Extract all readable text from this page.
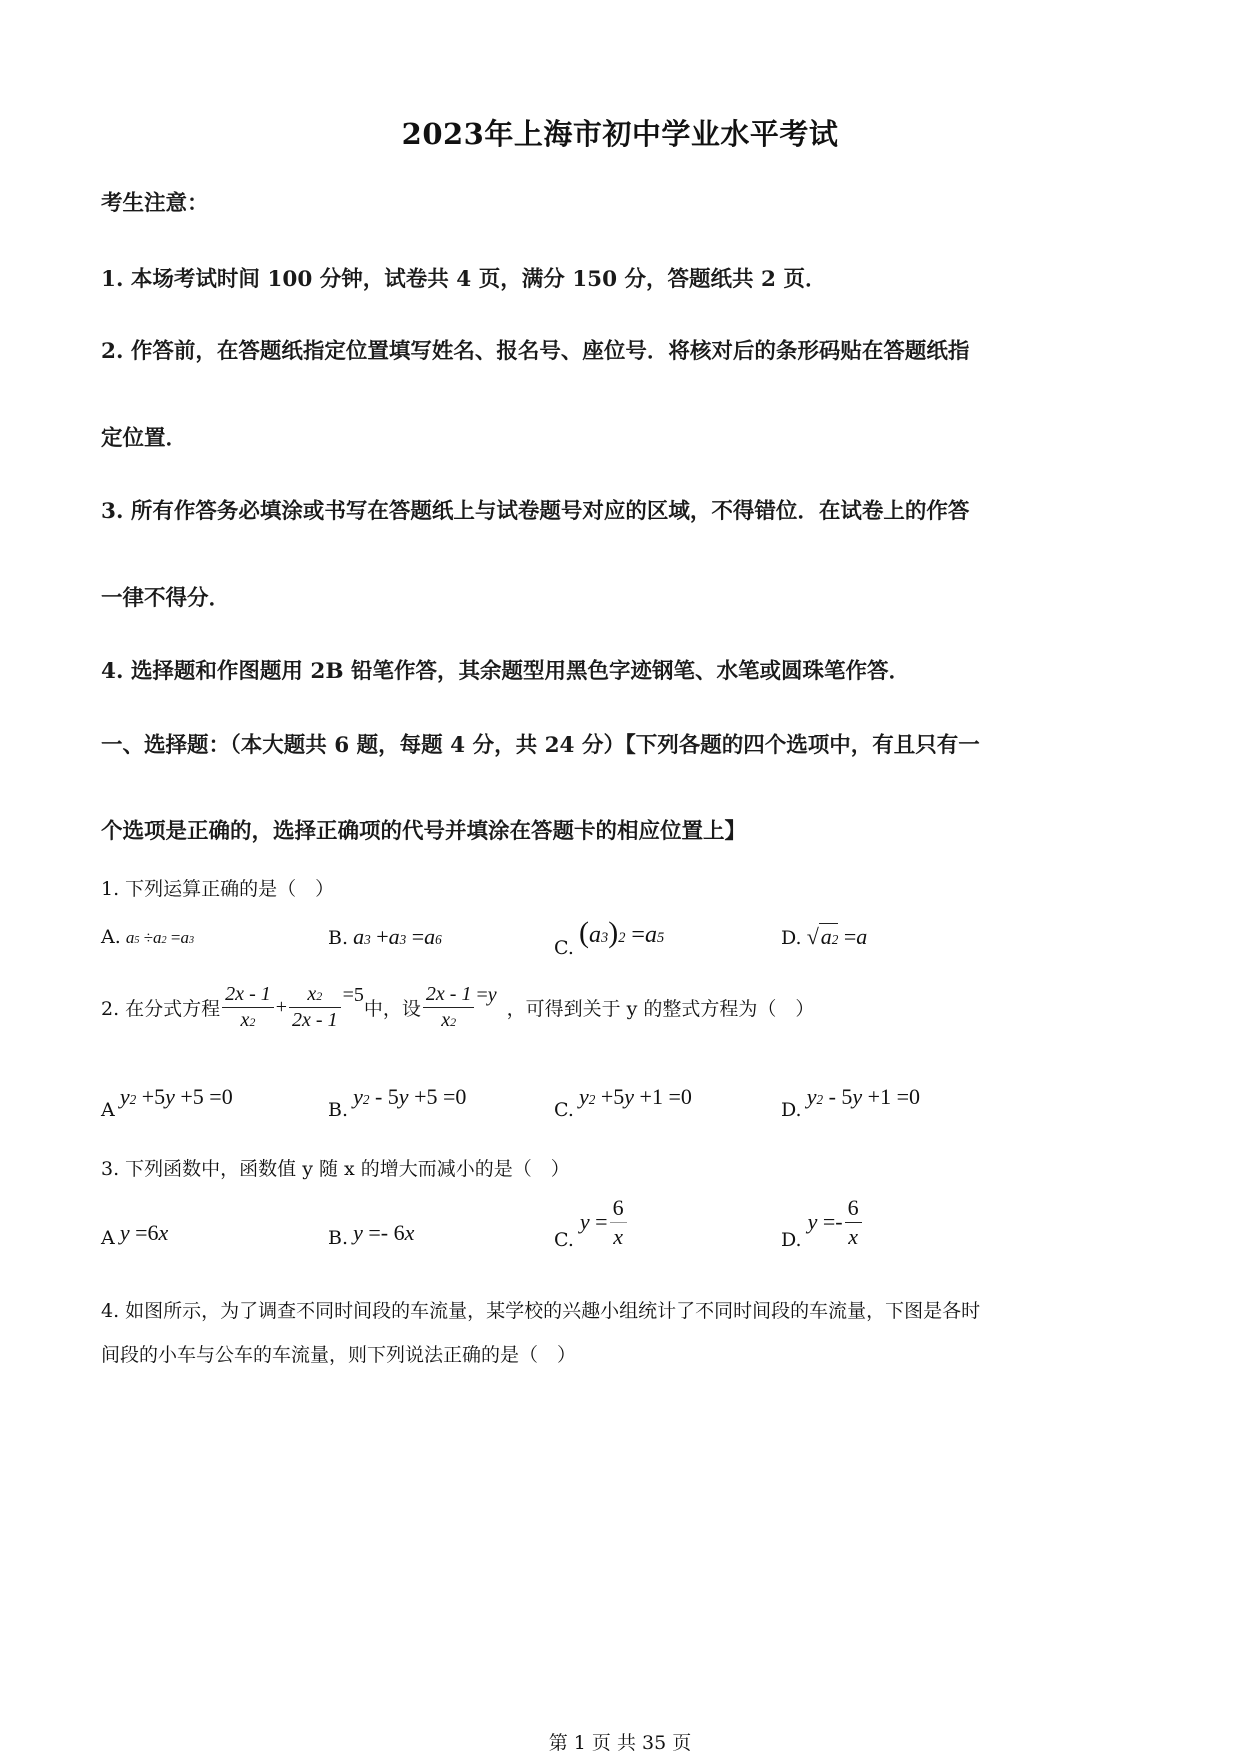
2023年上海市初中学业水平考试
考生注意：
1. 本场考试时间 100 分钟，试卷共 4 页，满分 150 分，答题纸共 2 页．
2. 作答前，在答题纸指定位置填写姓名、报名号、座位号．将核对后的条形码贴在答题纸指
定位置．
3. 所有作答务必填涂或书写在答题纸上与试卷题号对应的区域，不得错位．在试卷上的作答
一律不得分．
4. 选择题和作图题用 2B 铅笔作答，其余题型用黑色字迹钢笔、水笔或圆珠笔作答．
一、选择题：（本大题共 6 题，每题 4 分，共 24 分）【下列各题的四个选项中，有且只有一
个选项是正确的，选择正确项的代号并填涂在答题卡的相应位置上】
1. 下列运算正确的是（　）
A. $a^5 \div a^2 =a^3$	B. $a^3 +a^3 =a^6$	C. $(a^3)^2 =a^5$	D. $√a^2 =a$
2. 在分式方程 $\frac{2x - 1}{x^2} + \frac{x^2}{2x - 1} =5$
中，设 $\frac{2x - 1}{x^2} =y$
，可得到关于 y 的整式方程为（　）
A $y^2 +5y +5 =0$
B. $y^2 - 5y +5 =0$
C. $y^2 +5y +1 =0$
D. $y^2 - 5y +1 =0$
3. 下列函数中，函数值 y 随 x 的增大而减小的是（　）
A y =6x	B. y =- 6x	C.
$y = \frac{6}{x}$	D.
$y =- \frac{6}{x}$
4. 如图所示，为了调查不同时间段的车流量，某学校的兴趣小组统计了不同时间段的车流量，下图是各时
间段的小车与公车的车流量，则下列说法正确的是（　）
第 1 页 共 35 页
